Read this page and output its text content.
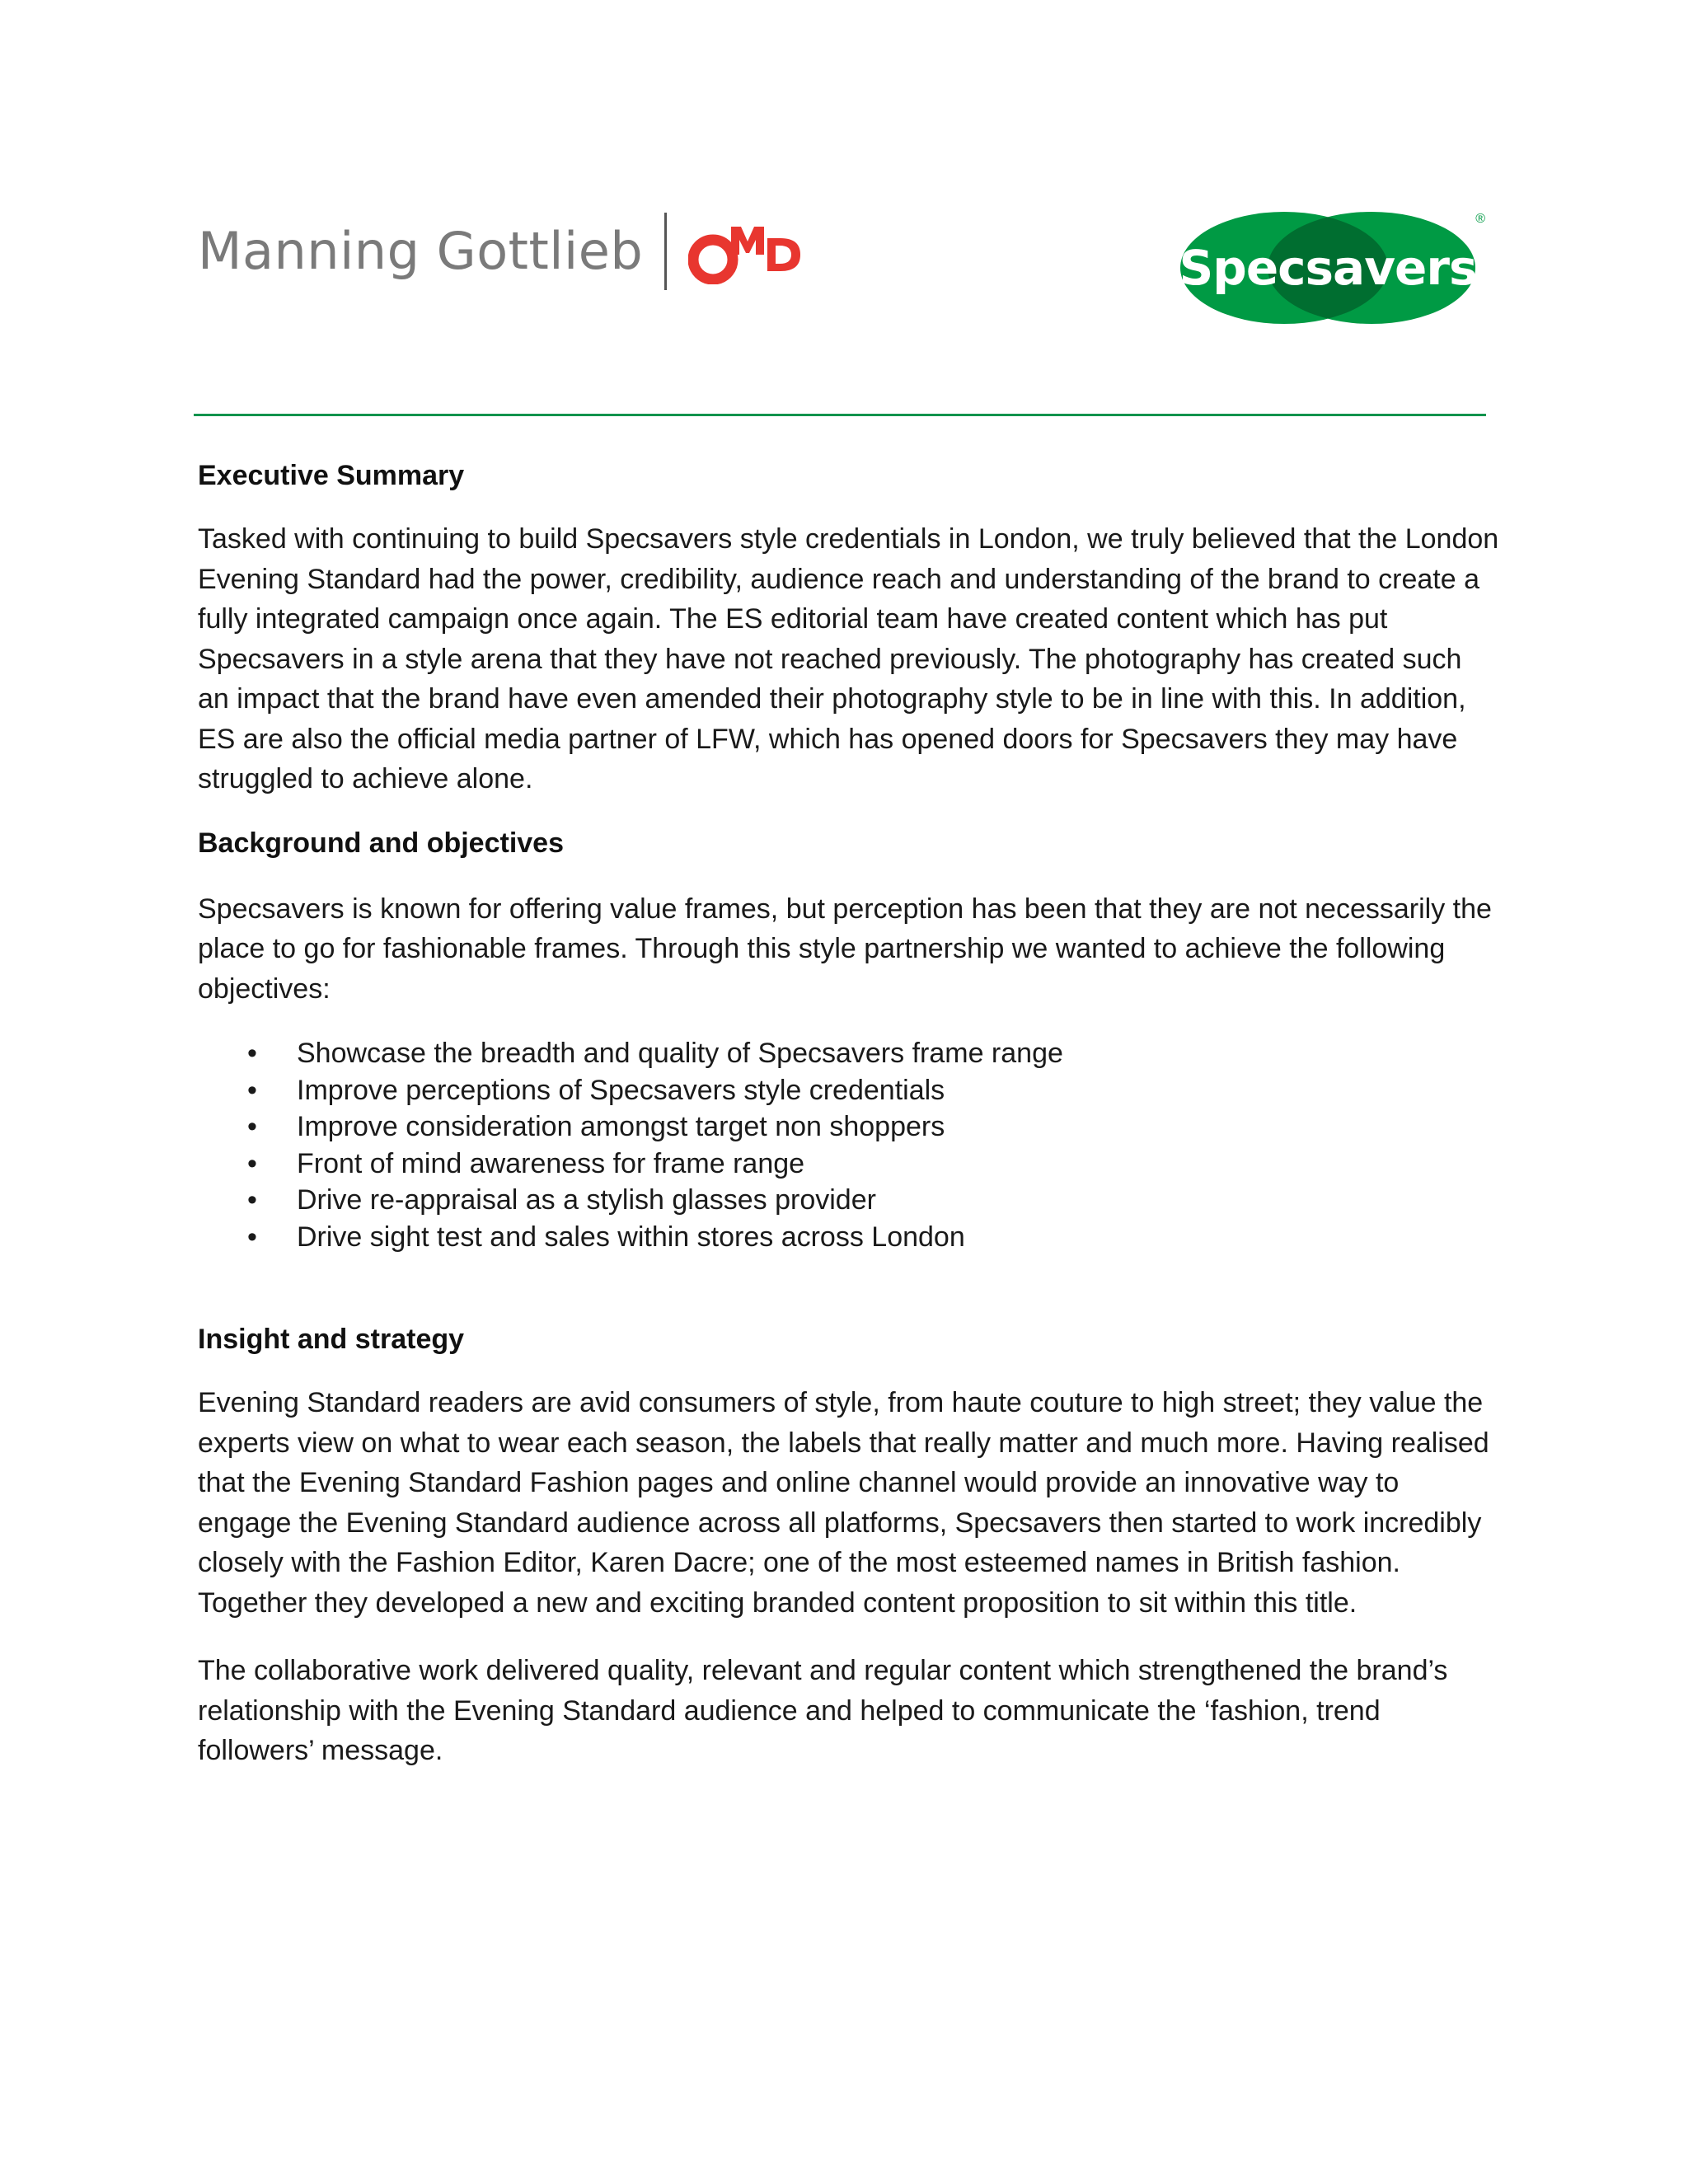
Manning Gottlieb	Specsavers
®
Executive Summary

Tasked with continuing to build Specsavers style credentials in London, we truly believed that the London Evening Standard had the power, credibility, audience reach and understanding of the brand to create a fully integrated campaign once again. The ES editorial team have created content which has put Specsavers in a style arena that they have not reached previously. The photography has created such an impact that the brand have even amended their photography style to be in line with this. In addition, ES are also the official media partner of LFW, which has opened doors for Specsavers they may have struggled to achieve alone.

Background and objectives

Specsavers is known for offering value frames, but perception has been that they are not necessarily the place to go for fashionable frames. Through this style partnership we wanted to achieve the following objectives:

• Showcase the breadth and quality of Specsavers frame range
• Improve perceptions of Specsavers style credentials
• Improve consideration amongst target non shoppers
• Front of mind awareness for frame range
• Drive re-appraisal as a stylish glasses provider
• Drive sight test and sales within stores across London
Insight and strategy

Evening Standard readers are avid consumers of style, from haute couture to high street; they value the experts view on what to wear each season, the labels that really matter and much more. Having realised that the Evening Standard Fashion pages and online channel would provide an innovative way to engage the Evening Standard audience across all platforms, Specsavers then started to work incredibly closely with the Fashion Editor, Karen Dacre; one of the most esteemed names in British fashion. Together they developed a new and exciting branded content proposition to sit within this title.

The collaborative work delivered quality, relevant and regular content which strengthened the brand’s relationship with the Evening Standard audience and helped to communicate the ‘fashion, trend followers’ message.
